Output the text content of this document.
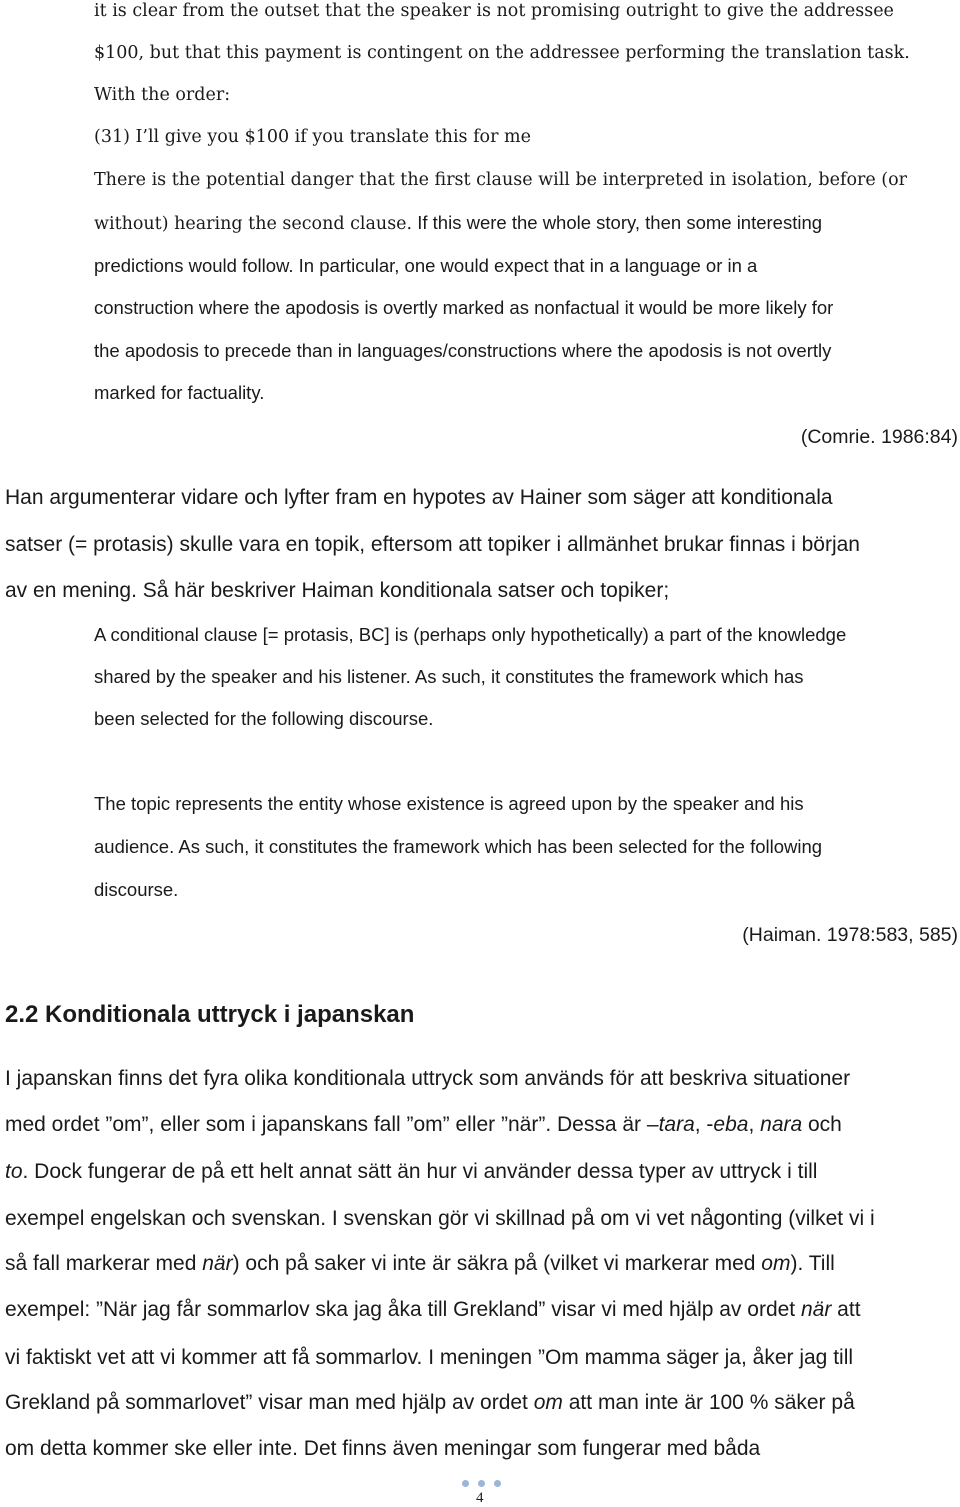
it is clear from the outset that the speaker is not promising outright to give the addressee
$100, but that this payment is contingent on the addressee performing the translation task.
With the order:
(31) I’ll give you $100 if you translate this for me
There is the potential danger that the first clause will be interpreted in isolation, before (or
without) hearing the second clause. If this were the whole story, then some interesting
predictions would follow. In particular, one would expect that in a language or in a
construction where the apodosis is overtly marked as nonfactual it would be more likely for
the apodosis to precede than in languages/constructions where the apodosis is not overtly
marked for factuality.
(Comrie. 1986:84)
Han argumenterar vidare och lyfter fram en hypotes av Hainer som säger att konditionala
satser (= protasis) skulle vara en topik, eftersom att topiker i allmänhet brukar finnas i början
av en mening. Så här beskriver Haiman konditionala satser och topiker;
A conditional clause [= protasis, BC] is (perhaps only hypothetically) a part of the knowledge
shared by the speaker and his listener. As such, it constitutes the framework which has
been selected for the following discourse.
The topic represents the entity whose existence is agreed upon by the speaker and his
audience. As such, it constitutes the framework which has been selected for the following
discourse.
(Haiman. 1978:583, 585)
2.2 Konditionala uttryck i japanskan
I japanskan finns det fyra olika konditionala uttryck som används för att beskriva situationer
med ordet ”om”, eller som i japanskans fall ”om” eller ”när”. Dessa är –tara, -eba, nara och
to. Dock fungerar de på ett helt annat sätt än hur vi använder dessa typer av uttryck i till
exempel engelskan och svenskan. I svenskan gör vi skillnad på om vi vet någonting (vilket vi i
så fall markerar med när) och på saker vi inte är säkra på (vilket vi markerar med om). Till
exempel: ”När jag får sommarlov ska jag åka till Grekland” visar vi med hjälp av ordet när att
vi faktiskt vet att vi kommer att få sommarlov. I meningen ”Om mamma säger ja, åker jag till
Grekland på sommarlovet” visar man med hjälp av ordet om att man inte är 100 % säker på
om detta kommer ske eller inte. Det finns även meningar som fungerar med båda
4
